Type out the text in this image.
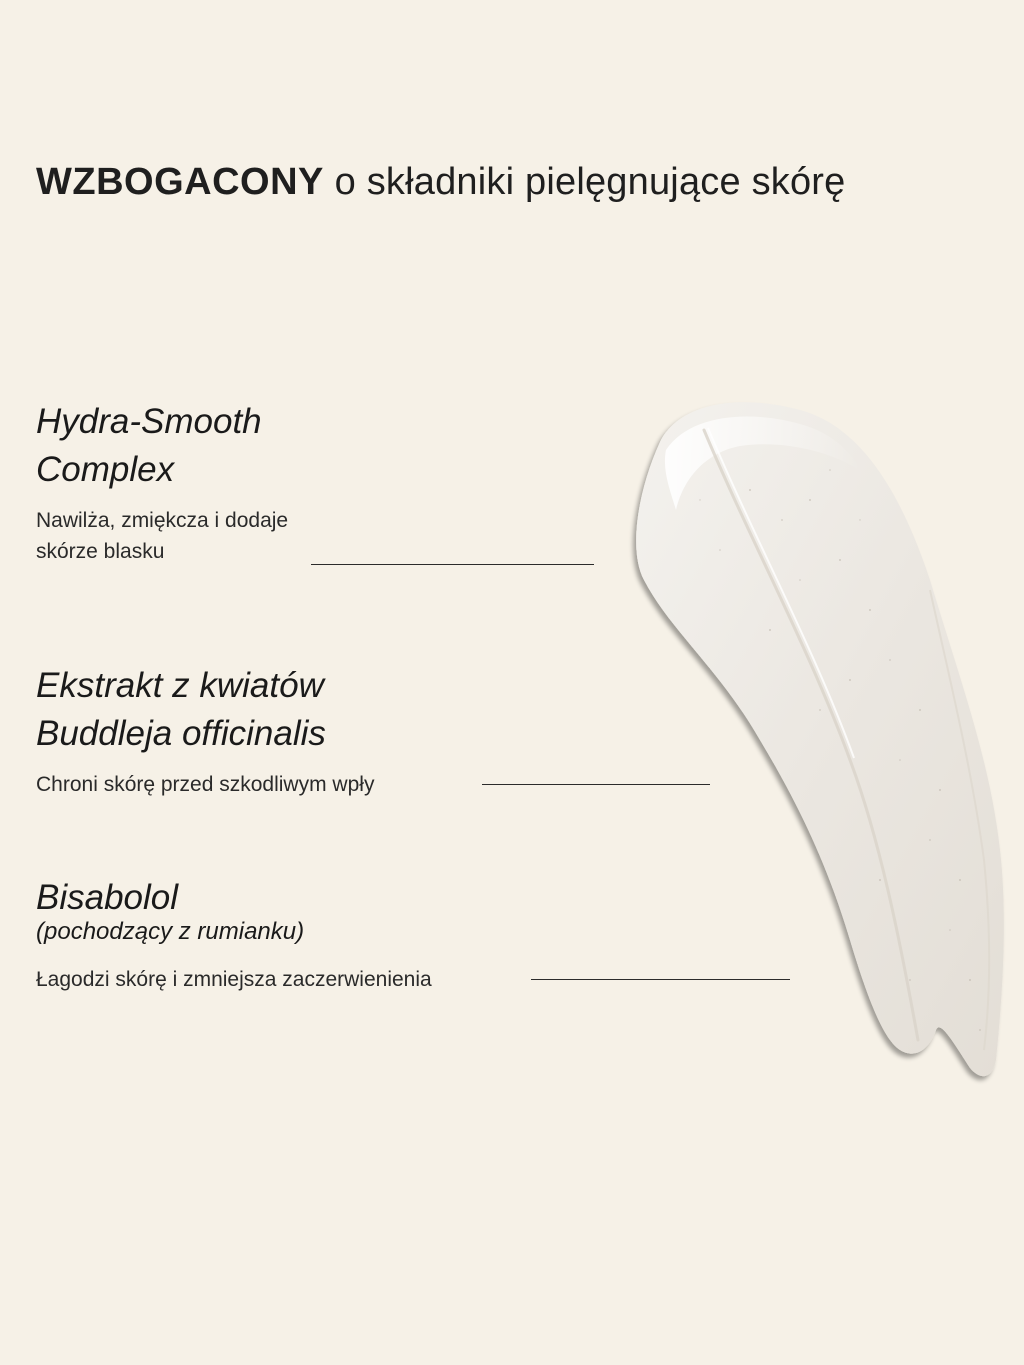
WZBOGACONY o składniki pielęgnujące skórę

Hydra-Smooth

Complex

Nawilża, zmiękcza i dodaje

skórze blasku

Ekstrakt z kwiatów

Buddleja officinalis

Chroni skórę przed szkodliwym wpły

Bisabolol

(pochodzący z rumianku)

Łagodzi skórę i zmniejsza zaczerwienienia
